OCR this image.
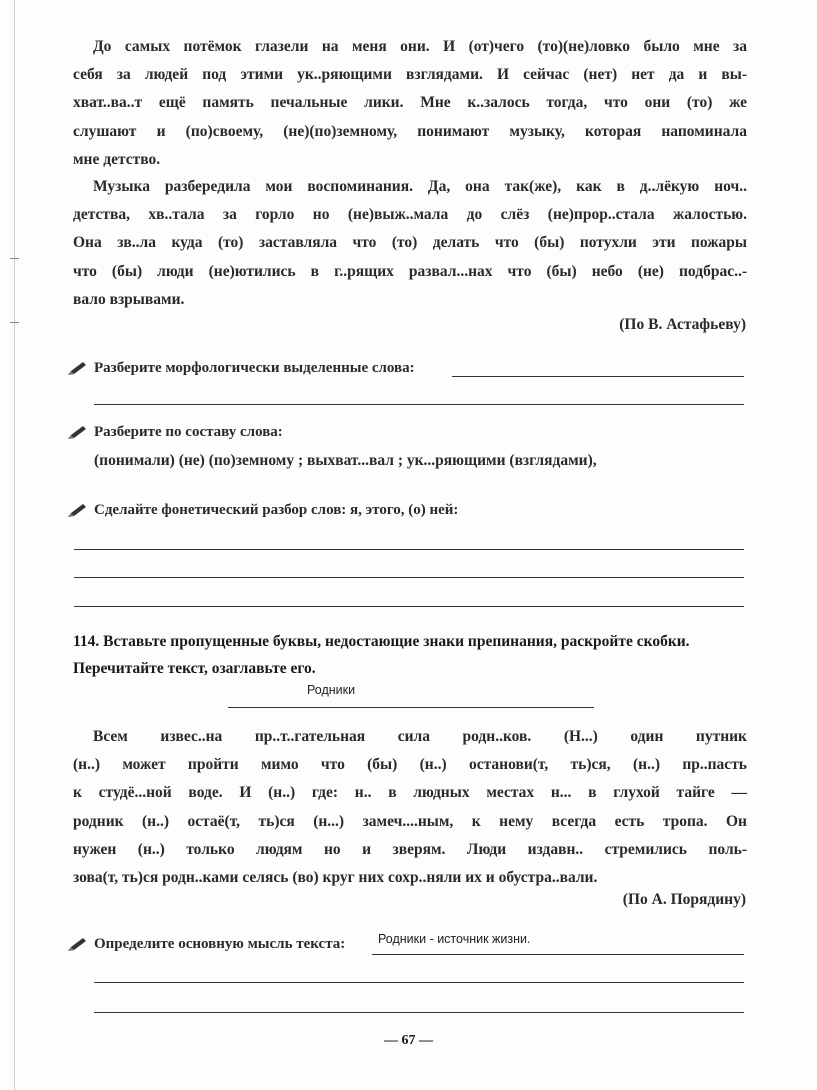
До самых потёмок глазели на меня они. И (от)чего (то)(не)ловко было мне за
себя за людей под этими ук..ряющими взглядами. И сейчас (нет) нет да и вы-
хват..ва..т ещё память печальные лики. Мне к..залось тогда, что они (то) же
слушают и (по)своему, (не)(по)земному, понимают музыку, которая напоминала
мне детство.
Музыка разбередила мои воспоминания. Да, она так(же), как в д..лёкую ноч..
детства, хв..тала за горло но (не)выж..мала до слёз (не)прор..стала жалостью.
Она зв..ла куда (то) заставляла что (то) делать что (бы) потухли эти пожары
что (бы) люди (не)ютились в г..рящих развал...нах что (бы) небо (не) подбрас..-
вало взрывами.
(По В. Астафьеву)
Разберите морфологически выделенные слова:
Разберите по составу слова:
(понимали) (не) (по)земному ; выхват...вал ; ук...ряющими (взглядами),
Сделайте фонетический разбор слов: я, этого, (о) ней:
114. Вставьте пропущенные буквы, недостающие знаки препинания, раскройте скобки.
Перечитайте текст, озаглавьте его.
Родники
Всем извес..на пр..т..гательная сила родн..ков. (Н...) один путник
(н..) может пройти мимо что (бы) (н..) останови(т, ть)ся, (н..) пр..пасть
к студё...ной воде. И (н..) где: н.. в людных местах н... в глухой тайге —
родник (н..) остаё(т, ть)ся (н...) замеч....ным, к нему всегда есть тропа. Он
нужен (н..) только людям но и зверям. Люди издавн.. стремились поль-
зова(т, ть)ся родн..ками селясь (во) круг них сохр..няли их и обустра..вали.
(По А. Порядину)
Определите основную мысль текста:	Родники - источник жизни.
— 67 —
